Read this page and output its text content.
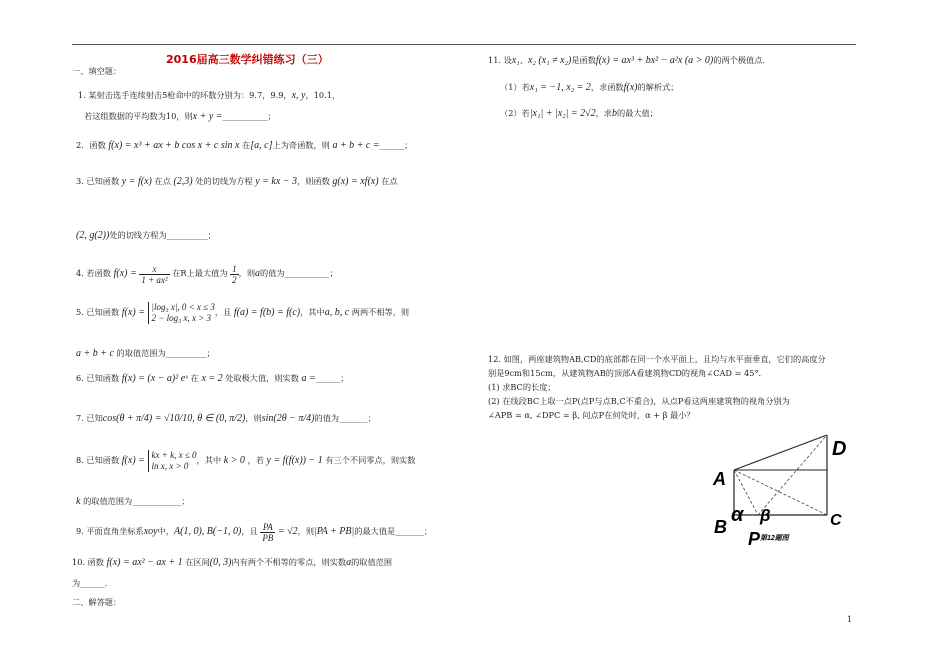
2016届高三数学纠错练习（三）
一、填空题：
1. 某射击选手连续射击5枪命中的环数分别为：9.7，9.9，x, y，10.1，
若这组数据的平均数为10，则x + y =___________；
2．函数 f(x) = x³ + ax + b cos x + c sin x 在[a, c]上为奇函数，则 a + b + c =______；
3. 已知函数 y = f(x) 在点 (2,3) 处的切线为方程 y = kx − 3，则函数 g(x) = xf(x) 在点
(2, g(2))处的切线方程为__________；
4. 若函数 $f(x) = \frac{x}{\text{1 + ax²}}$ 在R上最大值为 $\frac{1}{2}$ ，则a的值为___________；
5. 已知函数 f(x) = |log₃ x|, 0 < x ≤ 3
2 − log₃ x, x > 3
，且 f(a) = f(b) = f(c)，其中a, b, c 两两不相等，则
a + b + c 的取值范围为__________；
6. 已知函数 f(x) = (x − a)² eˣ 在 x = 2 处取极大值，则实数 a =______；
7. 已知cos(θ + π/4) = √10/10, θ ∈ (0, π/2)，则sin(2θ − π/4)的值为_______；
8. 已知函数 f(x) = kx + k, x ≤ 0
ln x, x > 0
，其中 k > 0 ，若 y = f(f(x)) − 1 有三个不同零点，则实数
k 的取值范围为____________；
9. 平面直角坐标系xoy中，A(1, 0), B(−1, 0)，且 $\frac{PA}{PB} = √2$，则|PA + PB|的最大值是_______；
10. 函数 f(x) = ax² − ax + 1 在区间(0, 3)内有两个不相等的零点，则实数a的取值范围
为______.
二、解答题：
11. 设x₁、x₂ (x₁ ≠ x₂)是函数f(x) = ax³ + bx² − a²x (a > 0)的两个极值点.
（1）若x₁ = −1, x₂ = 2，求函数f(x)的解析式；
（2）若|x₁| + |x₂| = 2√2，求b的最大值；
12. 如图，两座建筑物AB,CD的底部都在同一个水平面上，且均与水平面垂直，它们的高度分
别是9cm和15cm，从建筑物AB的顶部A看建筑物CD的视角∠CAD = 45°.
(1) 求BC的长度；
(2) 在线段BC上取一点P(点P与点B,C不重合)，从点P看这两座建筑物的视角分别为
∠APB = α, ∠DPC = β, 问点P在何处时，α + β 最小？
A
B	C
D
P
α β
第12题图
1
